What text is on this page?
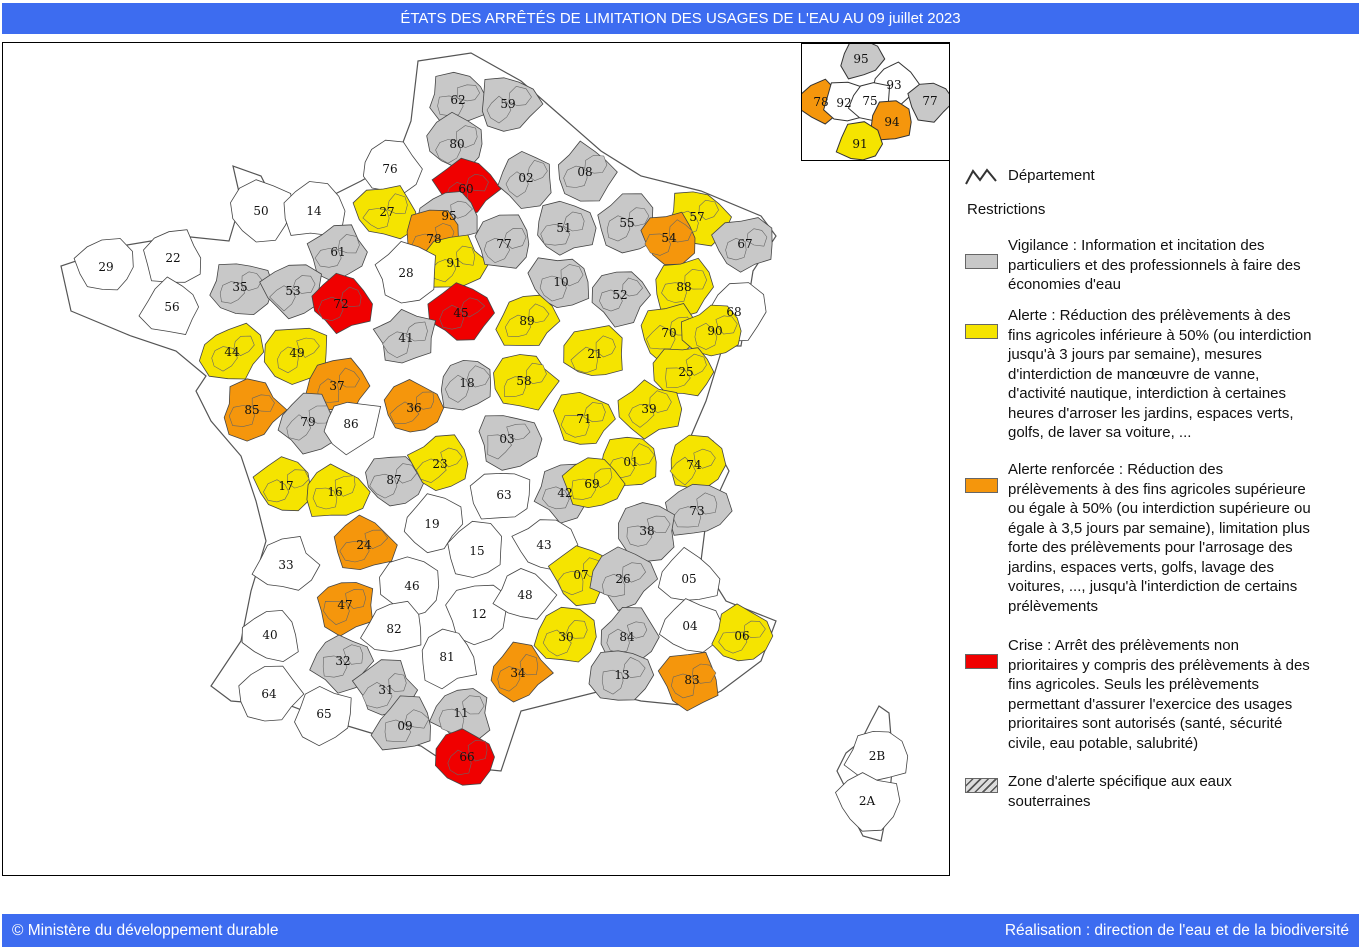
ÉTATS DES ARRÊTÉS DE LIMITATION DES USAGES DE L'EAU AU 09 juillet 2023
62	59
80
76
60
02	08
50	14	27	95
51	55	57
54	67
29
22	61
78
91
77
10
52
88
68
56
35	53
28
72
45
89
70	90
44	49
41
21
25
85
37	18	58
71
39
79 86
36
03
01	74
17	16
87
23
63	42
69
73
38
24
19
15	43
33
46
07 26	05
47
12
48
04
06
40	82
30	84
32	81
34	13	83
64
65
31
09
11
66	2B
2A
95
93
78 92 75	77
94
91
Département
Restrictions
Vigilance : Information et incitation des
particuliers et des professionnels à faire des
économies d'eau
Alerte : Réduction des prélèvements à des
fins agricoles inférieure à 50% (ou interdiction
jusqu'à 3 jours par semaine), mesures
d'interdiction de manœuvre de vanne,
d'activité nautique, interdiction à certaines
heures d'arroser les jardins, espaces verts,
golfs, de laver sa voiture, ...
Alerte renforcée : Réduction des
prélèvements à des fins agricoles supérieure
ou égale à 50% (ou interdiction supérieure ou
égale à 3,5 jours par semaine), limitation plus
forte des prélèvements pour l'arrosage des
jardins, espaces verts, golfs, lavage des
voitures, ..., jusqu'à l'interdiction de certains
prélèvements
Crise : Arrêt des prélèvements non
prioritaires y compris des prélèvements à des
fins agricoles. Seuls les prélèvements
permettant d'assurer l'exercice des usages
prioritaires sont autorisés (santé, sécurité
civile, eau potable, salubrité)
Zone d'alerte spécifique aux eaux
souterraines
© Ministère du développement durable	Réalisation : direction de l'eau et de la biodiversité
